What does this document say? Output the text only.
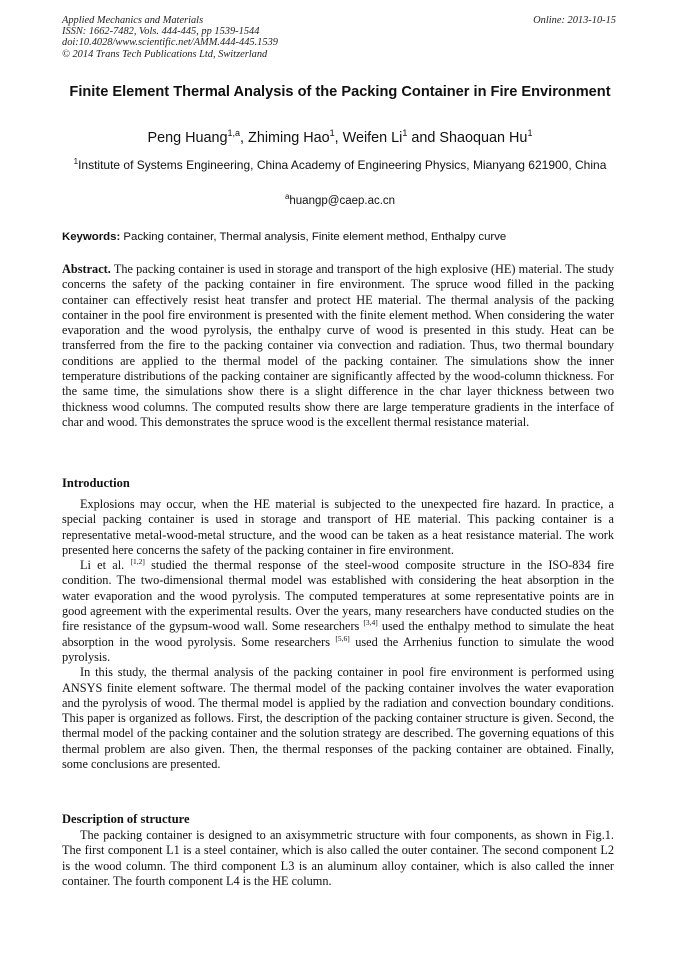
Applied Mechanics and Materials
ISSN: 1662-7482, Vols. 444-445, pp 1539-1544
doi:10.4028/www.scientific.net/AMM.444-445.1539
© 2014 Trans Tech Publications Ltd, Switzerland
Online: 2013-10-15
Finite Element Thermal Analysis of the Packing Container in Fire Environment
Peng Huang$^{1,a}$, Zhiming Hao$^1$, Weifen Li$^1$ and Shaoquan Hu$^1$
$^1$Institute of Systems Engineering, China Academy of Engineering Physics, Mianyang 621900, China
$^a$huangp@caep.ac.cn
Keywords: Packing container, Thermal analysis, Finite element method, Enthalpy curve
Abstract. The packing container is used in storage and transport of the high explosive (HE) material. The study concerns the safety of the packing container in fire environment. The spruce wood filled in the packing container can effectively resist heat transfer and protect HE material. The thermal analysis of the packing container in the pool fire environment is presented with the finite element method. When considering the water evaporation and the wood pyrolysis, the enthalpy curve of wood is presented in this study. Heat can be transferred from the fire to the packing container via convection and radiation. Thus, two thermal boundary conditions are applied to the thermal model of the packing container. The simulations show the inner temperature distributions of the packing container are significantly affected by the wood-column thickness. For the same time, the simulations show there is a slight difference in the char layer thickness between two thickness wood columns. The computed results show there are large temperature gradients in the interface of char and wood. This demonstrates the spruce wood is the excellent thermal resistance material.
Introduction

Explosions may occur, when the HE material is subjected to the unexpected fire hazard. In practice, a special packing container is used in storage and transport of HE material. This packing container is a representative metal-wood-metal structure, and the wood can be taken as a heat resistance material. The work presented here concerns the safety of the packing container in fire environment.

Li et al. [1,2] studied the thermal response of the steel-wood composite structure in the ISO-834 fire condition. The two-dimensional thermal model was established with considering the heat absorption in the water evaporation and the wood pyrolysis. The computed temperatures at some representative points are in good agreement with the experimental results. Over the years, many researchers have conducted studies on the fire resistance of the gypsum-wood wall. Some researchers [3,4] used the enthalpy method to simulate the heat absorption in the wood pyrolysis. Some researchers [5,6] used the Arrhenius function to simulate the wood pyrolysis.

In this study, the thermal analysis of the packing container in pool fire environment is performed using ANSYS finite element software. The thermal model of the packing container involves the water evaporation and the pyrolysis of wood. The thermal model is applied by the radiation and convection boundary conditions. This paper is organized as follows. First, the description of the packing container structure is given. Second, the thermal model of the packing container and the solution strategy are described. The governing equations of this thermal problem are also given. Then, the thermal responses of the packing container are obtained. Finally, some conclusions are presented.

Description of structure

The packing container is designed to an axisymmetric structure with four components, as shown in Fig.1. The first component L1 is a steel container, which is also called the outer container. The second component L2 is the wood column. The third component L3 is an aluminum alloy container, which is also called the inner container. The fourth component L4 is the HE column.
